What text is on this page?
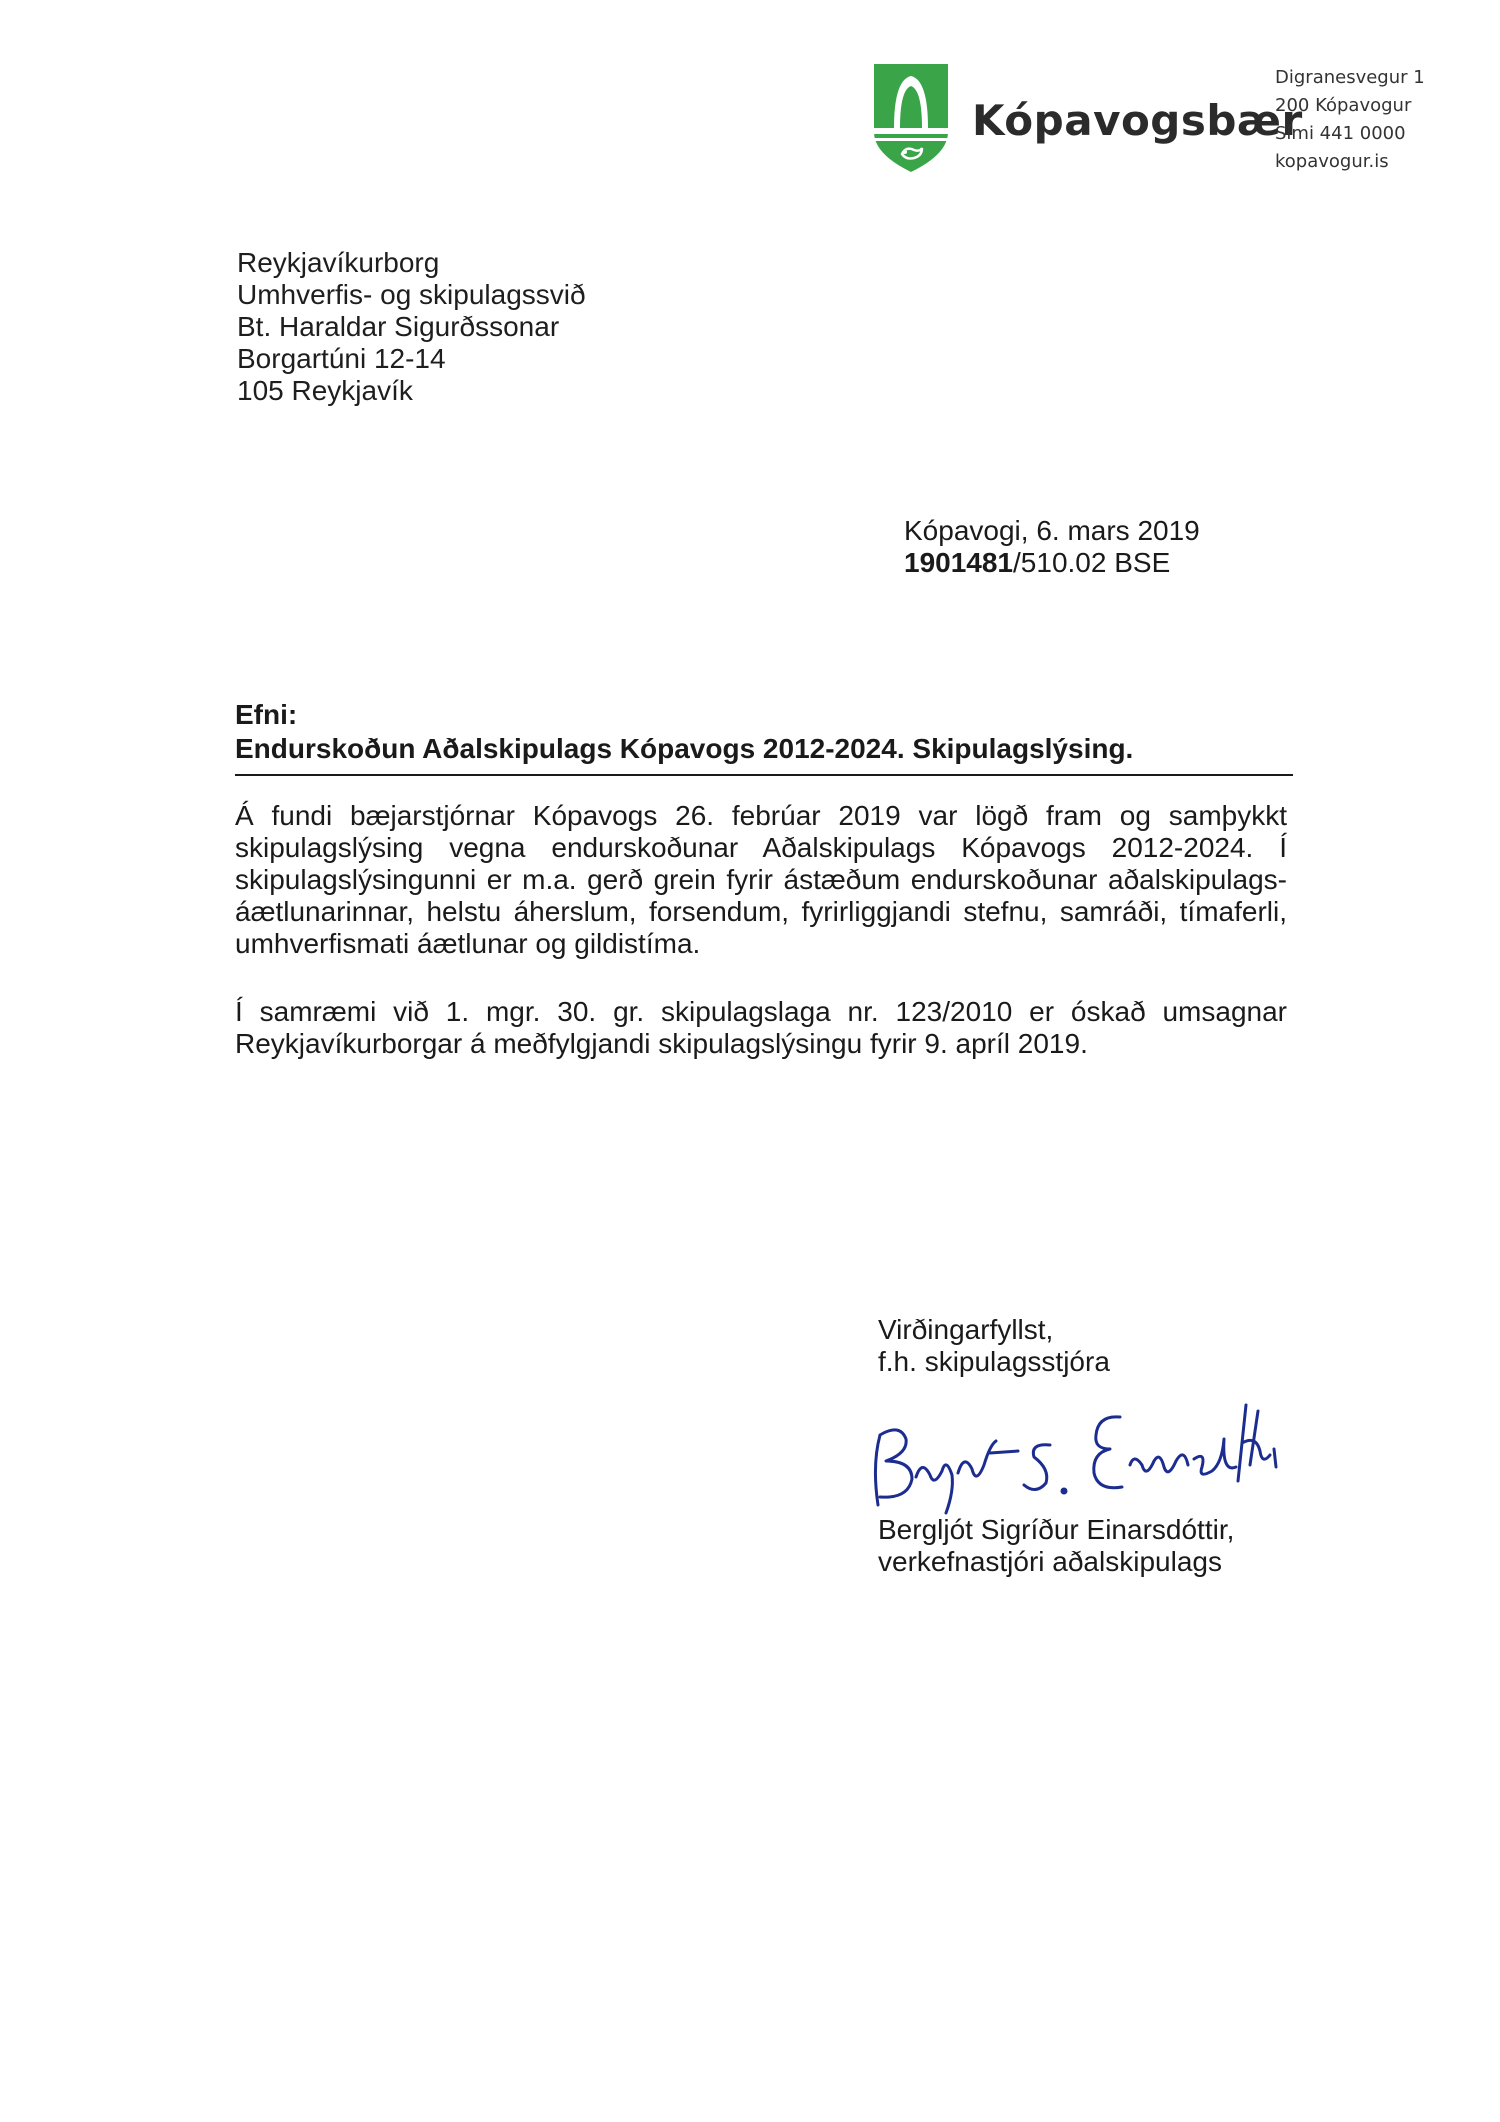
Kópavogsbær
Digranesvegur 1
200 Kópavogur
Sími 441 0000
kopavogur.is
Reykjavíkurborg
Umhverfis- og skipulagssvið
Bt. Haraldar Sigurðssonar
Borgartúni 12-14
105 Reykjavík
Kópavogi, 6. mars 2019
1901481/510.02 BSE
Efni:
Endurskoðun Aðalskipulags Kópavogs 2012-2024. Skipulagslýsing.

Á fundi bæjarstjórnar Kópavogs 26. febrúar 2019 var lögð fram og samþykkt skipulagslýsing vegna endurskoðunar Aðalskipulags Kópavogs 2012-2024. Í skipulagslýsingunni er m.a. gerð grein fyrir ástæðum endurskoðunar aðalskipulags-áætlunarinnar, helstu áherslum, forsendum, fyrirliggjandi stefnu, samráði, tímaferli, umhverfismati áætlunar og gildistíma.

Í samræmi við 1. mgr. 30. gr. skipulagslaga nr. 123/2010 er óskað umsagnar Reykjavíkurborgar á meðfylgjandi skipulagslýsingu fyrir 9. apríl 2019.

Virðingarfyllst,
f.h. skipulagsstjóra
Bergljót Sigríður Einarsdóttir,
verkefnastjóri aðalskipulags
